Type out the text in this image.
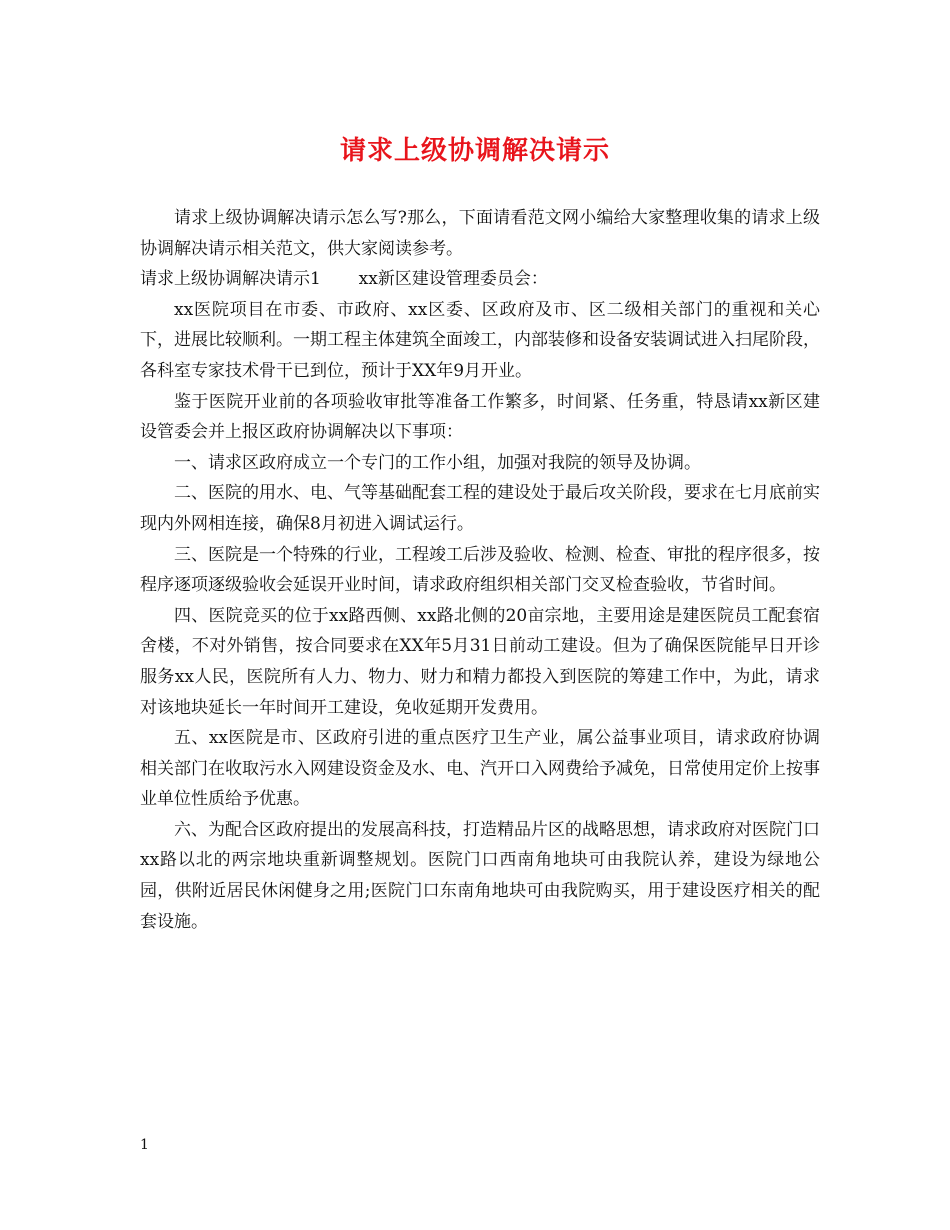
请求上级协调解决请示

请求上级协调解决请示怎么写?那么，下面请看范文网小编给大家整理收集的请求上级协调解决请示相关范文，供大家阅读参考。

请求上级协调解决请示1 xx新区建设管理委员会：

xx医院项目在市委、市政府、xx区委、区政府及市、区二级相关部门的重视和关心下，进展比较顺利。一期工程主体建筑全面竣工，内部装修和设备安装调试进入扫尾阶段，各科室专家技术骨干已到位，预计于XX年9月开业。

鉴于医院开业前的各项验收审批等准备工作繁多，时间紧、任务重，特恳请xx新区建设管委会并上报区政府协调解决以下事项：

一、请求区政府成立一个专门的工作小组，加强对我院的领导及协调。

二、医院的用水、电、气等基础配套工程的建设处于最后攻关阶段，要求在七月底前实现内外网相连接，确保8月初进入调试运行。

三、医院是一个特殊的行业，工程竣工后涉及验收、检测、检查、审批的程序很多，按程序逐项逐级验收会延误开业时间，请求政府组织相关部门交叉检查验收，节省时间。

四、医院竞买的位于xx路西侧、xx路北侧的20亩宗地，主要用途是建医院员工配套宿舍楼，不对外销售，按合同要求在XX年5月31日前动工建设。但为了确保医院能早日开诊服务xx人民，医院所有人力、物力、财力和精力都投入到医院的筹建工作中，为此，请求对该地块延长一年时间开工建设，免收延期开发费用。

五、xx医院是市、区政府引进的重点医疗卫生产业，属公益事业项目，请求政府协调相关部门在收取污水入网建设资金及水、电、汽开口入网费给予减免，日常使用定价上按事业单位性质给予优惠。

六、为配合区政府提出的发展高科技，打造精品片区的战略思想，请求政府对医院门口xx路以北的两宗地块重新调整规划。医院门口西南角地块可由我院认养，建设为绿地公园，供附近居民休闲健身之用;医院门口东南角地块可由我院购买，用于建设医疗相关的配套设施。

1
